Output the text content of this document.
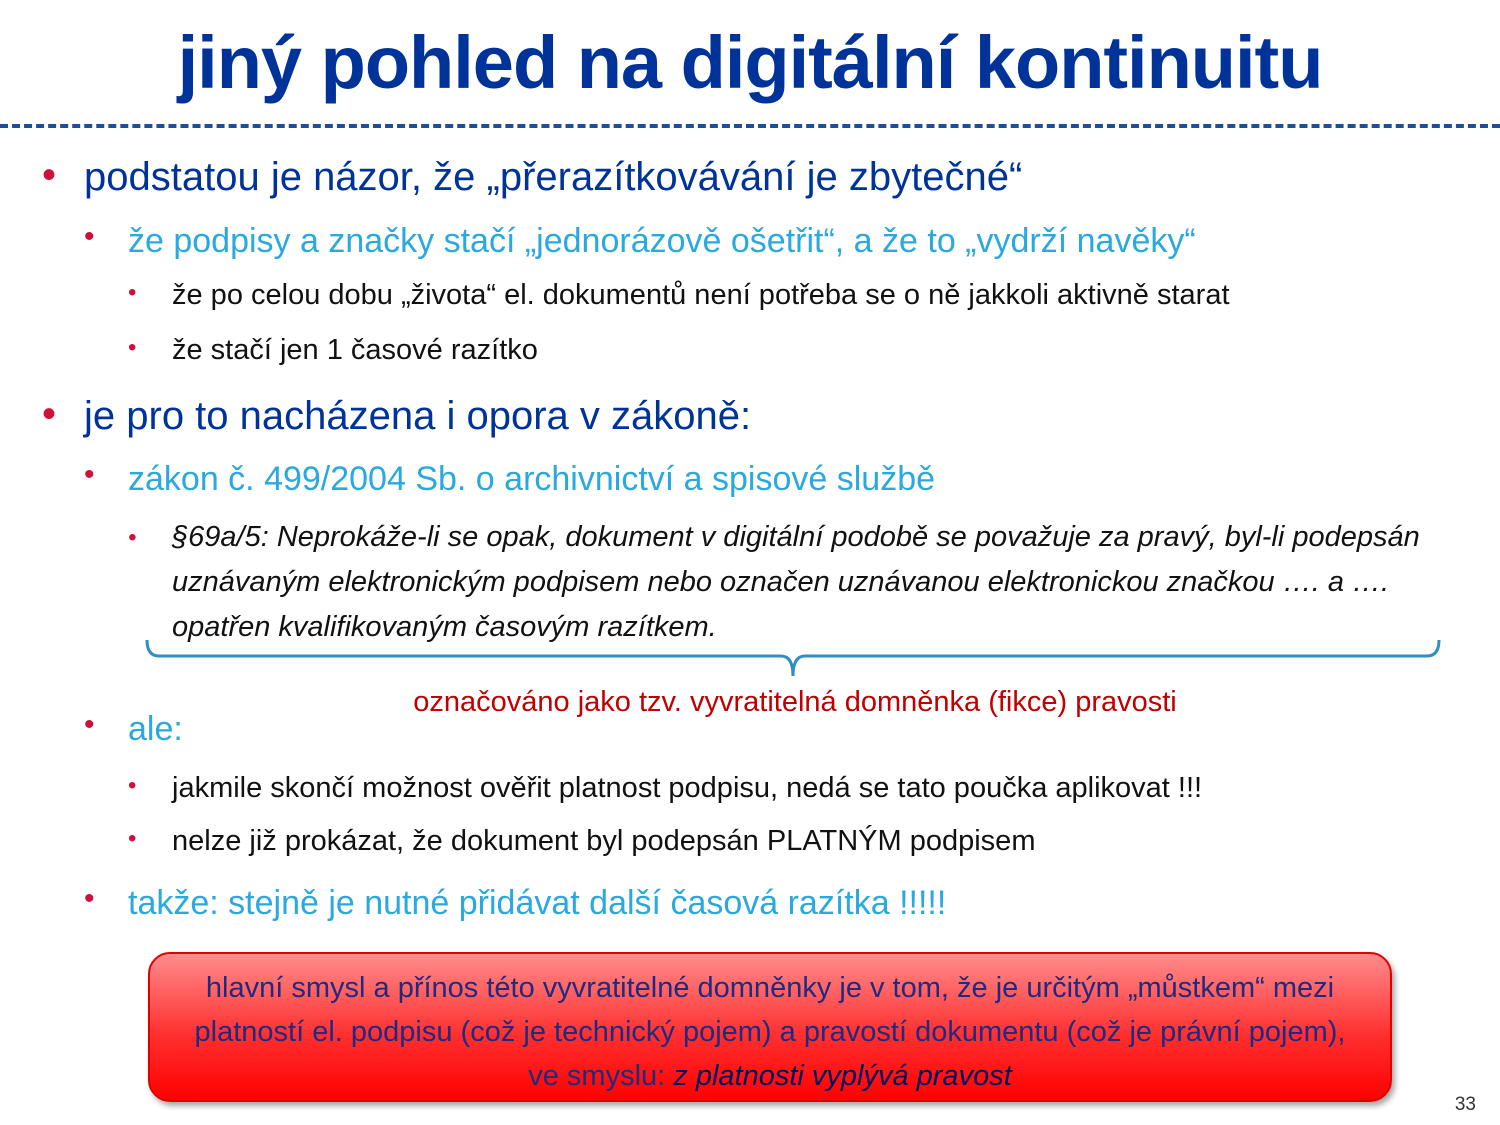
jiný pohled na digitální kontinuitu
• podstatou je názor, že „přerazítkovávání je zbytečné“
• že podpisy a značky stačí „jednorázově ošetřit“, a že to „vydrží navěky“
• že po celou dobu „života“ el. dokumentů není potřeba se o ně jakkoli aktivně starat
• že stačí jen 1 časové razítko
• je pro to nacházena i opora v zákoně:
• zákon č. 499/2004 Sb. o archivnictví a spisové službě
• §69a/5: Neprokáže-li se opak, dokument v digitální podobě se považuje za pravý, byl-li podepsán uznávaným elektronickým podpisem nebo označen uznávanou elektronickou značkou …. a …. opatřen kvalifikovaným časovým razítkem.
označováno jako tzv. vyvratitelná domněnka (fikce) pravosti
• ale:
• jakmile skončí možnost ověřit platnost podpisu, nedá se tato poučka aplikovat !!!
• nelze již prokázat, že dokument byl podepsán PLATNÝM podpisem
• takže: stejně je nutné přidávat další časová razítka !!!!!
hlavní smysl a přínos této vyvratitelné domněnky je v tom, že je určitým „můstkem“ mezi platností el. podpisu (což je technický pojem) a pravostí dokumentu (což je právní pojem), ve smyslu: z platnosti vyplývá pravost
33
